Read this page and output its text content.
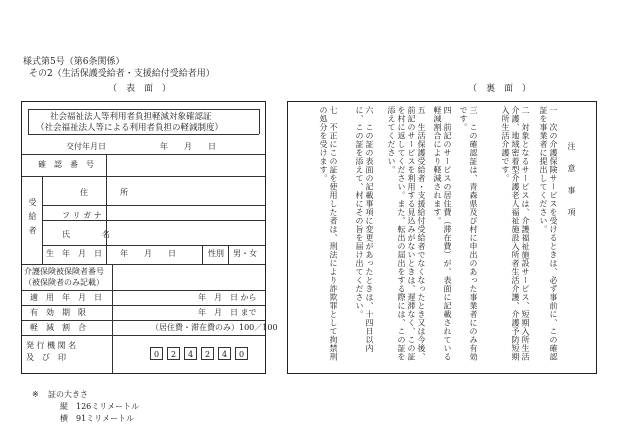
様式第5号（第6条関係）
その2（生活保護受給者・支援給付受給者用）
（　表　面　）	（　裏　面　）
社会福祉法人等利用者負担軽減対象確認証
（社会福祉法人等による利用者負担の軽減制度）
交付年月日	年　　月　　日
確　認　番　号
受給者
住　　　　所
フ リ ガ ナ
氏　　　　名
生　年　月　日 年　　月　　日	性別 男・女
介護保険被保険者番号
（被保険者のみ記載）
適　用　年　月　日	年　月　日 から
有　効　期　限	年　月　日 まで
軽　減　割　合	（居住費・滞在費のみ）100／100
発 行 機 関 名
及　び　印	0	2	4	2	4	0
※ 証の大きさ
縦　126ミリメートル
横　91ミリメートル
注　意　事　項
一　次の介護保険サービスを受けるときは、必ず事前に、この確認証を事業者に提出してください。
二　対象となるサービスは、介護福祉施設サービス、短期入所生活介護、地域密着型介護老人福祉施設入所者生活介護、介護予防短期入所生活介護です。
三　この確認証は、青森県及び村に申出のあった事業者にのみ有効です。
四　前記のサービスの居住費（滞在費）が、表面に記載されている軽減割合により軽減されます。
五　生活保護受給者・支援給付受給者でなくなったとき又は今後、前記のサービスを利用する見込みがないときは、遅滞なく、この証を村に返してください。また、転出の届出をする際には、この証を添えてください。
六　この証の表面の記載事項に変更があったときは、十四日以内に、この証を添えて、村にその旨を届け出てください。
七　不正にこの証を使用した者は、刑法により詐欺罪として拘禁刑の処分を受けます。
